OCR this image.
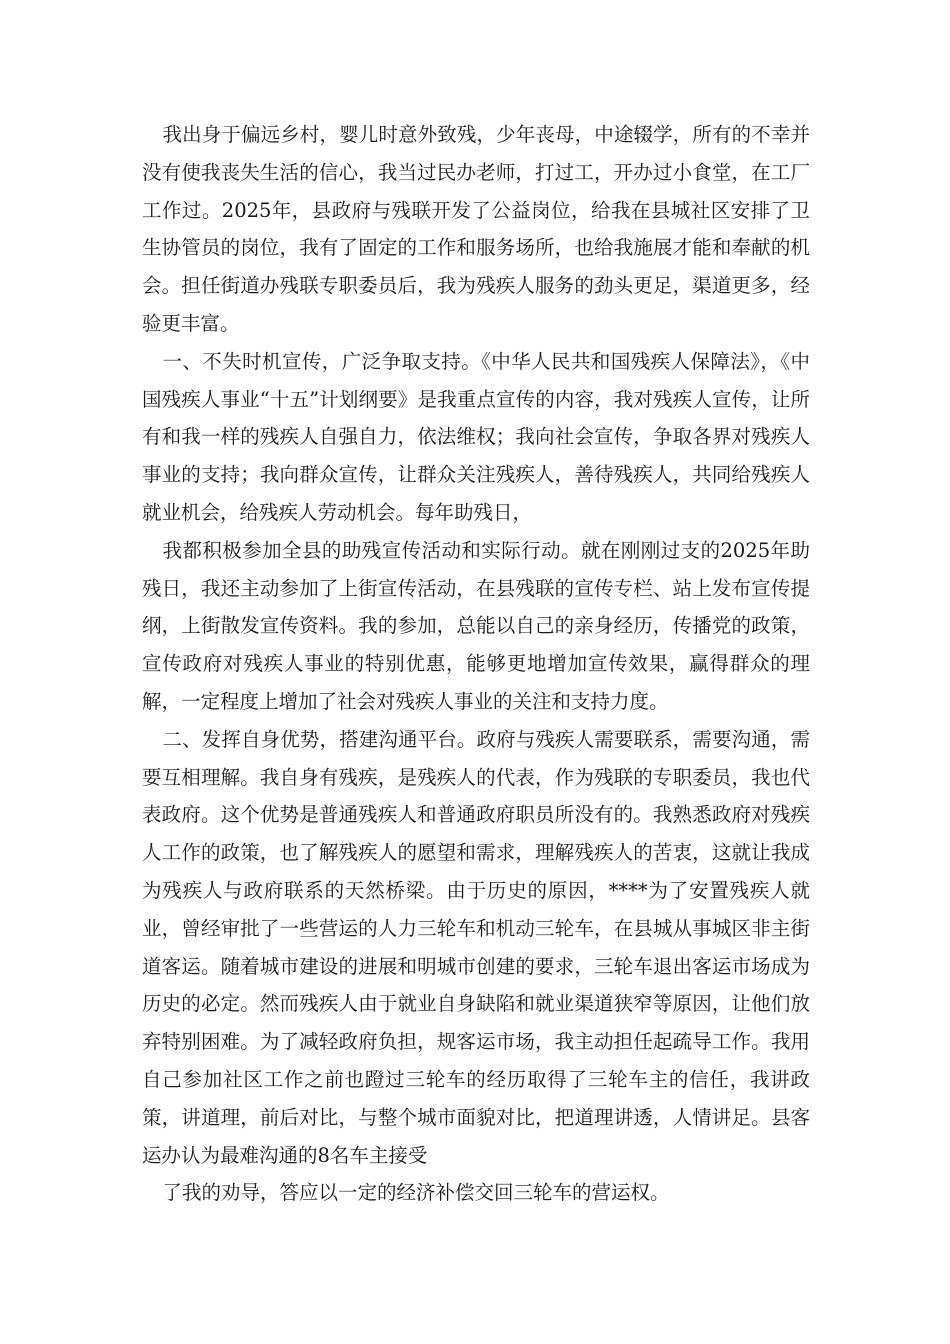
我出身于偏远乡村，婴儿时意外致残，少年丧母，中途辍学，所有的不幸并没有使我丧失生活的信心，我当过民办老师，打过工，开办过小食堂，在工厂工作过。2025年，县政府与残联开发了公益岗位，给我在县城社区安排了卫生协管员的岗位，我有了固定的工作和服务场所，也给我施展才能和奉献的机会。担任街道办残联专职委员后，我为残疾人服务的劲头更足，渠道更多，经验更丰富。

一、不失时机宣传，广泛争取支持。《中华人民共和国残疾人保障法》，《中国残疾人事业“十五”计划纲要》是我重点宣传的内容，我对残疾人宣传，让所有和我一样的残疾人自强自力，依法维权；我向社会宣传，争取各界对残疾人事业的支持；我向群众宣传，让群众关注残疾人，善待残疾人，共同给残疾人就业机会，给残疾人劳动机会。每年助残日，

我都积极参加全县的助残宣传活动和实际行动。就在刚刚过支的2025年助残日，我还主动参加了上街宣传活动，在县残联的宣传专栏、站上发布宣传提纲，上街散发宣传资料。我的参加，总能以自己的亲身经历，传播党的政策，宣传政府对残疾人事业的特别优惠，能够更地增加宣传效果，赢得群众的理解，一定程度上增加了社会对残疾人事业的关注和支持力度。

二、发挥自身优势，搭建沟通平台。政府与残疾人需要联系，需要沟通，需要互相理解。我自身有残疾，是残疾人的代表，作为残联的专职委员，我也代表政府。这个优势是普通残疾人和普通政府职员所没有的。我熟悉政府对残疾人工作的政策，也了解残疾人的愿望和需求，理解残疾人的苦衷，这就让我成为残疾人与政府联系的天然桥梁。由于历史的原因，****为了安置残疾人就业，曾经审批了一些营运的人力三轮车和机动三轮车，在县城从事城区非主街道客运。随着城市建设的进展和明城市创建的要求，三轮车退出客运市场成为历史的必定。然而残疾人由于就业自身缺陷和就业渠道狭窄等原因，让他们放弃特别困难。为了减轻政府负担，规客运市场，我主动担任起疏导工作。我用自己参加社区工作之前也蹬过三轮车的经历取得了三轮车主的信任，我讲政策，讲道理，前后对比，与整个城市面貌对比，把道理讲透，人情讲足。县客运办认为最难沟通的8名车主接受

了我的劝导，答应以一定的经济补偿交回三轮车的营运权。
